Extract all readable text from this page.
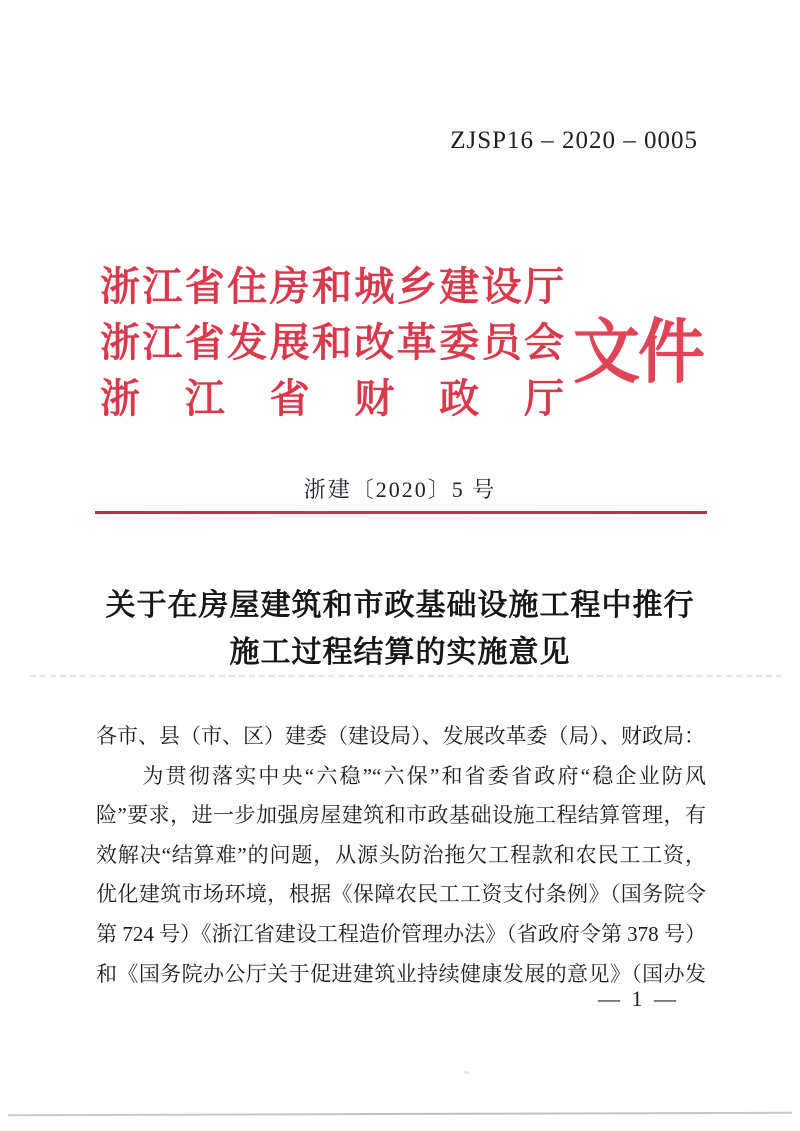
ZJSP16 – 2020 – 0005
浙江省住房和城乡建设厅
浙江省发展和改革委员会
浙　江　省　财　政　厅
文件
浙建〔2020〕5 号
关于在房屋建筑和市政基础设施工程中推行
施工过程结算的实施意见
各市、县（市、区）建委（建设局）、发展改革委（局）、财政局：
　　为贯彻落实中央“六稳”“六保”和省委省政府“稳企业防风
险”要求，进一步加强房屋建筑和市政基础设施工程结算管理，有
效解决“结算难”的问题，从源头防治拖欠工程款和农民工工资，
优化建筑市场环境，根据《保障农民工工资支付条例》（国务院令
第 724 号）《浙江省建设工程造价管理办法》（省政府令第 378 号）
和《国务院办公厅关于促进建筑业持续健康发展的意见》（国办发
— 1 —
